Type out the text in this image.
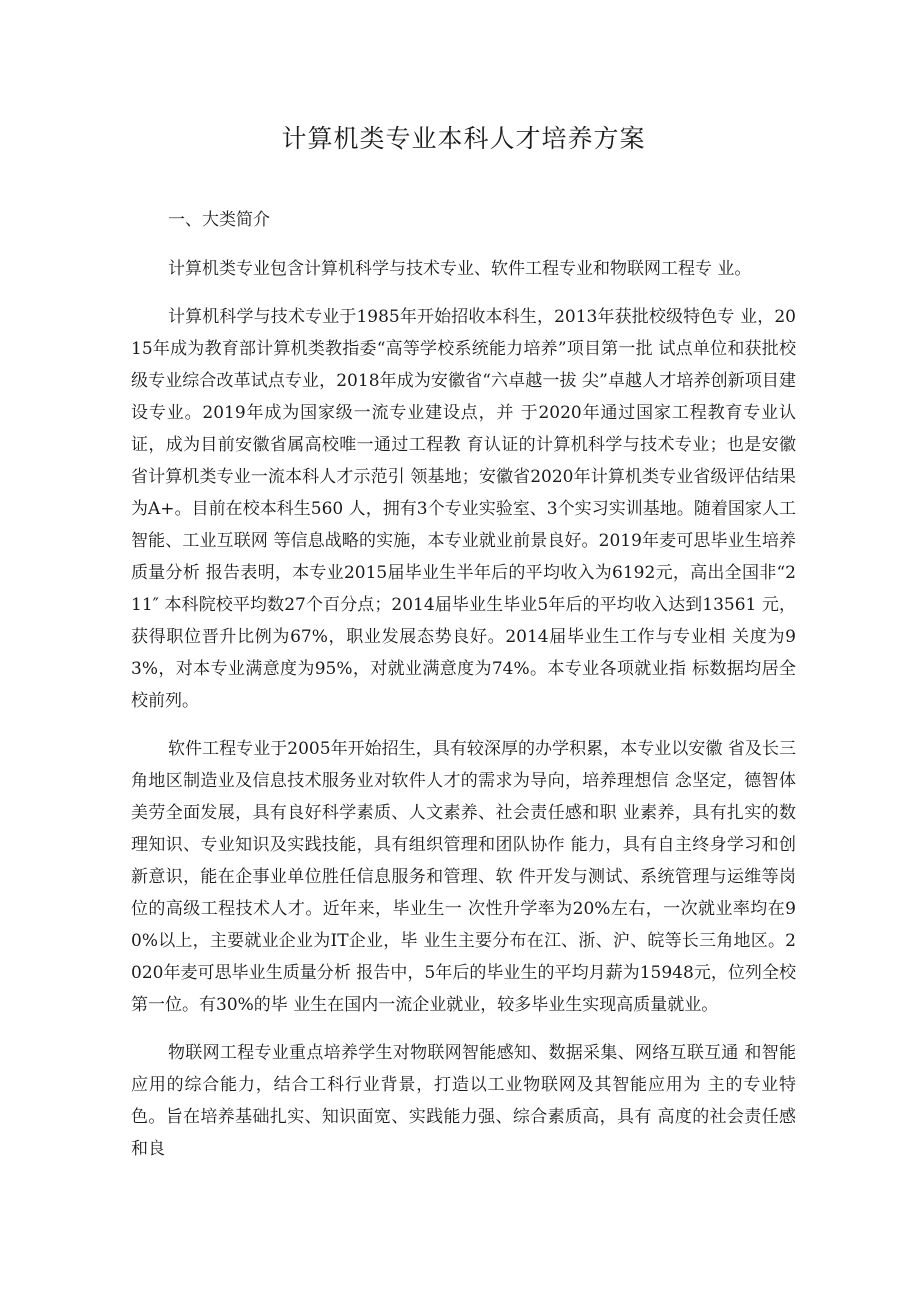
计算机类专业本科人才培养方案
一、大类简介

计算机类专业包含计算机科学与技术专业、软件工程专业和物联网工程专 业。

计算机科学与技术专业于1985年开始招收本科生，2013年获批校级特色专 业，2015年成为教育部计算机类教指委“高等学校系统能力培养”项目第一批 试点单位和获批校级专业综合改革试点专业，2018年成为安徽省“六卓越一拔 尖”卓越人才培养创新项目建设专业。2019年成为国家级一流专业建设点，并 于2020年通过国家工程教育专业认证，成为目前安徽省属高校唯一通过工程教 育认证的计算机科学与技术专业；也是安徽省计算机类专业一流本科人才示范引 领基地；安徽省2020年计算机类专业省级评估结果为A+。目前在校本科生560 人，拥有3个专业实验室、3个实习实训基地。随着国家人工智能、工业互联网 等信息战略的实施，本专业就业前景良好。2019年麦可思毕业生培养质量分析 报告表明，本专业2015届毕业生半年后的平均收入为6192元，高出全国非“211″ 本科院校平均数27个百分点；2014届毕业生毕业5年后的平均收入达到13561 元，获得职位晋升比例为67%，职业发展态势良好。2014届毕业生工作与专业相 关度为93%，对本专业满意度为95%，对就业满意度为74%。本专业各项就业指 标数据均居全校前列。

软件工程专业于2005年开始招生，具有较深厚的办学积累，本专业以安徽 省及长三角地区制造业及信息技术服务业对软件人才的需求为导向，培养理想信 念坚定，德智体美劳全面发展，具有良好科学素质、人文素养、社会责任感和职 业素养，具有扎实的数理知识、专业知识及实践技能，具有组织管理和团队协作 能力，具有自主终身学习和创新意识，能在企事业单位胜任信息服务和管理、软 件开发与测试、系统管理与运维等岗位的高级工程技术人才。近年来，毕业生一 次性升学率为20%左右，一次就业率均在90%以上，主要就业企业为IT企业，毕 业生主要分布在江、浙、沪、皖等长三角地区。2020年麦可思毕业生质量分析 报告中，5年后的毕业生的平均月薪为15948元，位列全校第一位。有30%的毕 业生在国内一流企业就业，较多毕业生实现高质量就业。

物联网工程专业重点培养学生对物联网智能感知、数据采集、网络互联互通 和智能应用的综合能力，结合工科行业背景，打造以工业物联网及其智能应用为 主的专业特色。旨在培养基础扎实、知识面宽、实践能力强、综合素质高，具有 高度的社会责任感和良
